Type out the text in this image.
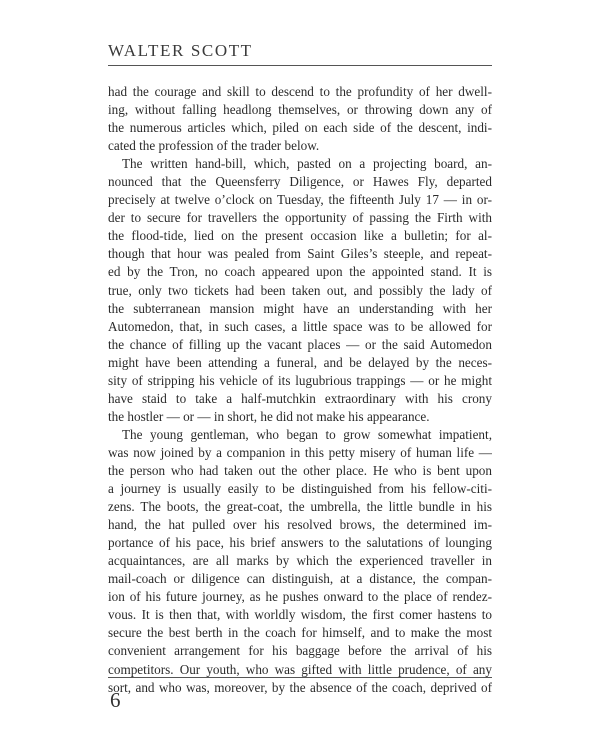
WALTER SCOTT
had the courage and skill to descend to the profundity of her dwell-
ing, without falling headlong themselves, or throwing down any of
the numerous articles which, piled on each side of the descent, indi-
cated the profession of the trader below.
The written hand-bill, which, pasted on a projecting board, an-
nounced that the Queensferry Diligence, or Hawes Fly, departed
precisely at twelve o’clock on Tuesday, the fifteenth July 17 — in or-
der to secure for travellers the opportunity of passing the Firth with
the flood-tide, lied on the present occasion like a bulletin; for al-
though that hour was pealed from Saint Giles’s steeple, and repeat-
ed by the Tron, no coach appeared upon the appointed stand. It is
true, only two tickets had been taken out, and possibly the lady of
the subterranean mansion might have an understanding with her
Automedon, that, in such cases, a little space was to be allowed for
the chance of filling up the vacant places — or the said Automedon
might have been attending a funeral, and be delayed by the neces-
sity of stripping his vehicle of its lugubrious trappings — or he might
have staid to take a half-mutchkin extraordinary with his crony
the hostler — or — in short, he did not make his appearance.
The young gentleman, who began to grow somewhat impatient,
was now joined by a companion in this petty misery of human life —
the person who had taken out the other place. He who is bent upon
a journey is usually easily to be distinguished from his fellow-citi-
zens. The boots, the great-coat, the umbrella, the little bundle in his
hand, the hat pulled over his resolved brows, the determined im-
portance of his pace, his brief answers to the salutations of lounging
acquaintances, are all marks by which the experienced traveller in
mail-coach or diligence can distinguish, at a distance, the compan-
ion of his future journey, as he pushes onward to the place of rendez-
vous. It is then that, with worldly wisdom, the first comer hastens to
secure the best berth in the coach for himself, and to make the most
convenient arrangement for his baggage before the arrival of his
competitors. Our youth, who was gifted with little prudence, of any
sort, and who was, moreover, by the absence of the coach, deprived of
6
